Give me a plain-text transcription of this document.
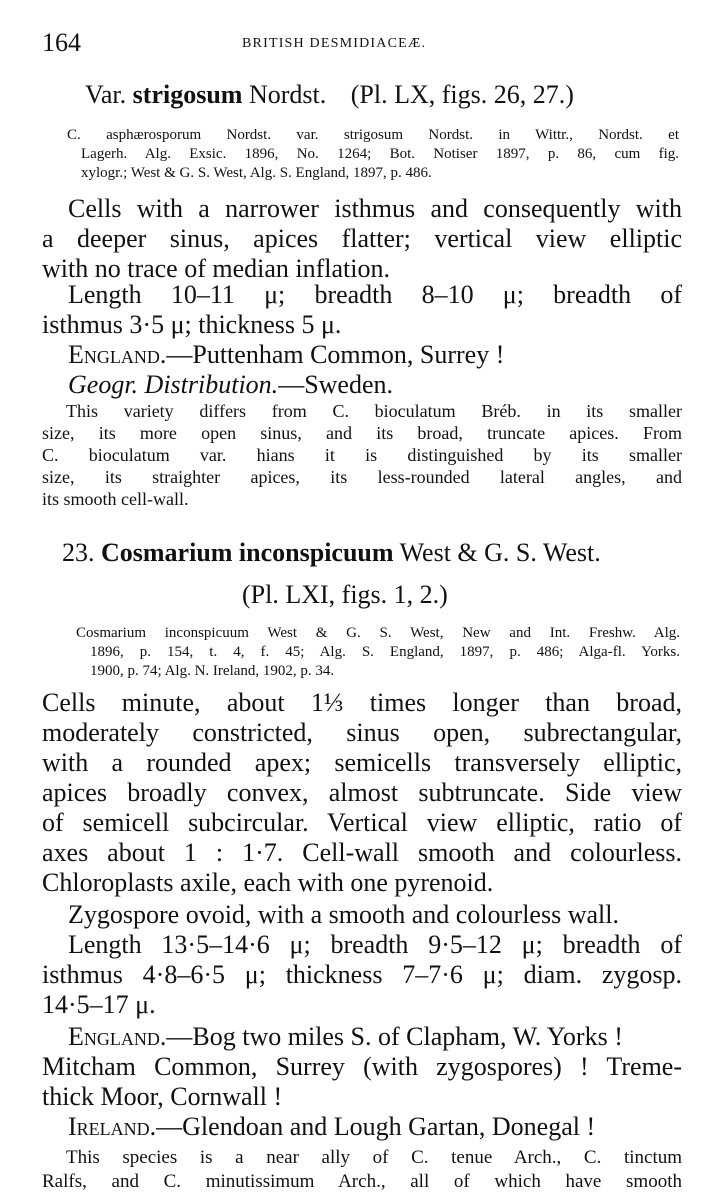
164	BRITISH DESMIDIACEÆ.
Var. strigosum Nordst. (Pl. LX, figs. 26, 27.)
C. asphærosporum Nordst. var. strigosum Nordst. in Wittr., Nordst. et
Lagerh. Alg. Exsic. 1896, No. 1264; Bot. Notiser 1897, p. 86, cum fig.
xylogr.; West & G. S. West, Alg. S. England, 1897, p. 486.
Cells with a narrower isthmus and consequently with
a deeper sinus, apices flatter; vertical view elliptic
with no trace of median inflation.
Length 10–11 μ; breadth 8–10 μ; breadth of
isthmus 3·5 μ; thickness 5 μ.
England.—Puttenham Common, Surrey !
Geogr. Distribution.—Sweden.
This variety differs from C. bioculatum Bréb. in its smaller
size, its more open sinus, and its broad, truncate apices. From
C. bioculatum var. hians it is distinguished by its smaller
size, its straighter apices, its less-rounded lateral angles, and
its smooth cell-wall.
23. Cosmarium inconspicuum West & G. S. West.
(Pl. LXI, figs. 1, 2.)
Cosmarium inconspicuum West & G. S. West, New and Int. Freshw. Alg.
1896, p. 154, t. 4, f. 45; Alg. S. England, 1897, p. 486; Alga-fl. Yorks.
1900, p. 74; Alg. N. Ireland, 1902, p. 34.
Cells minute, about 1⅓ times longer than broad,
moderately constricted, sinus open, subrectangular,
with a rounded apex; semicells transversely elliptic,
apices broadly convex, almost subtruncate. Side view
of semicell subcircular. Vertical view elliptic, ratio of
axes about 1 : 1·7. Cell-wall smooth and colourless.
Chloroplasts axile, each with one pyrenoid.
Zygospore ovoid, with a smooth and colourless wall.
Length 13·5–14·6 μ; breadth 9·5–12 μ; breadth of
isthmus 4·8–6·5 μ; thickness 7–7·6 μ; diam. zygosp.
14·5–17 μ.
England.—Bog two miles S. of Clapham, W. Yorks !
Mitcham Common, Surrey (with zygospores) ! Treme-
thick Moor, Cornwall !
Ireland.—Glendoan and Lough Gartan, Donegal !
This species is a near ally of C. tenue Arch., C. tinctum
Ralfs, and C. minutissimum Arch., all of which have smooth
